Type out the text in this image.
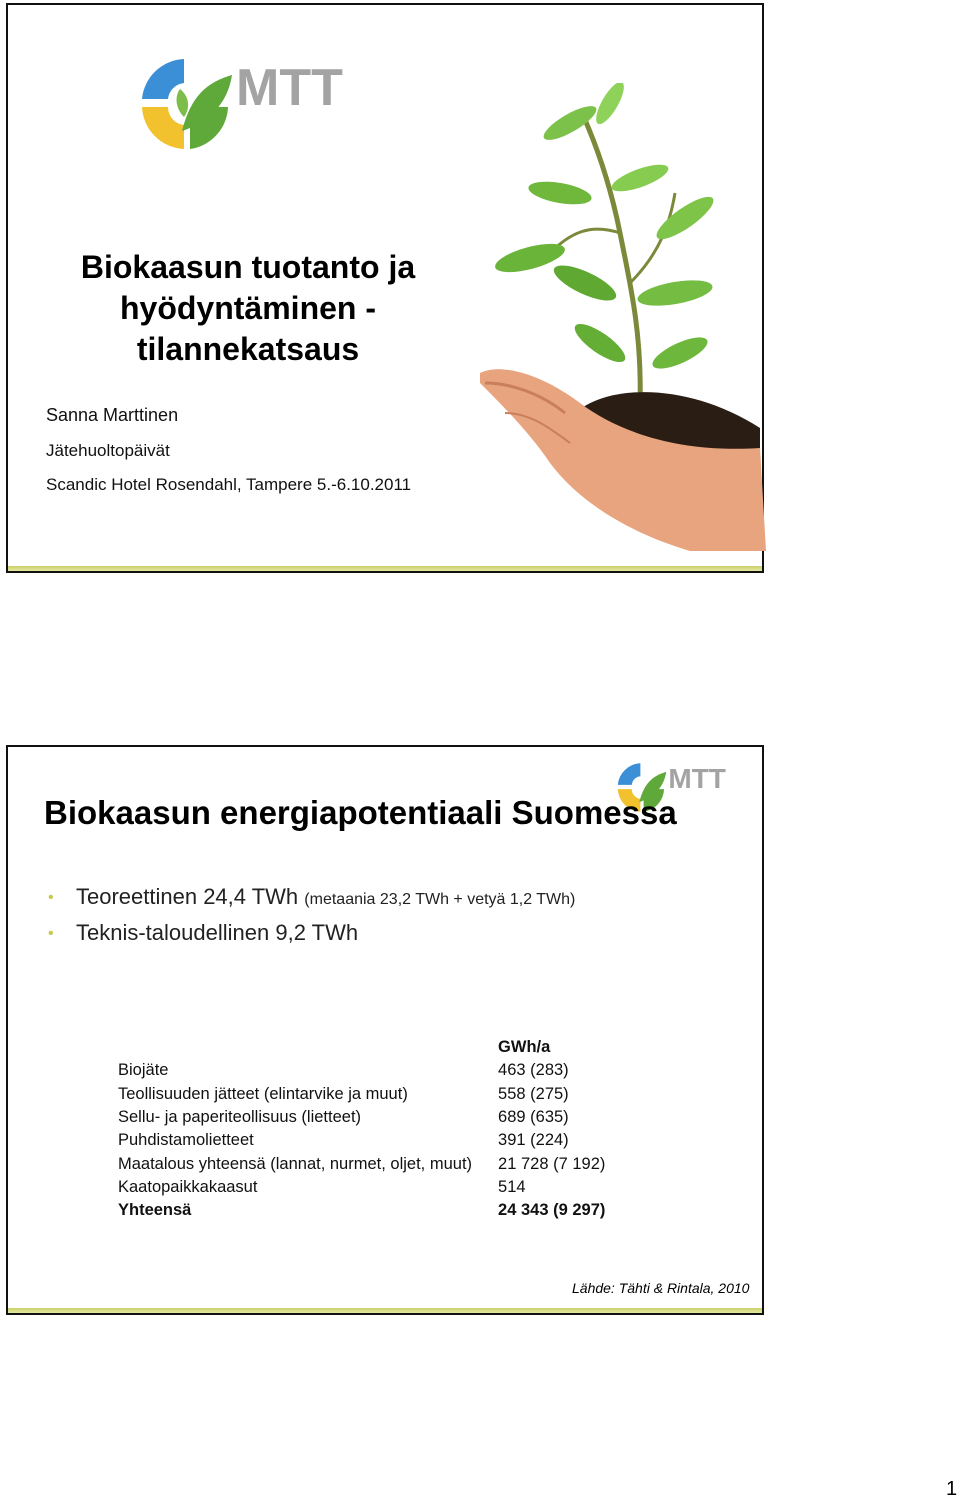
MTT
Biokaasun tuotanto ja
hyödyntäminen -
tilannekatsaus
Sanna Marttinen
Jätehuoltopäivät
Scandic Hotel Rosendahl, Tampere 5.-6.10.2011
MTT
Biokaasun energiapotentiaali Suomessa
• Teoreettinen 24,4 TWh (metaania 23,2 TWh + vetyä 1,2 TWh)
• Teknis-taloudellinen 9,2 TWh
	GWh/a
Biojäte	463 (283)
Teollisuuden jätteet (elintarvike ja muut)	558 (275)
Sellu- ja paperiteollisuus (lietteet)	689 (635)
Puhdistamolietteet	391 (224)
Maatalous yhteensä (lannat, nurmet, oljet, muut)	21 728 (7 192)
Kaatopaikkakaasut	514
Yhteensä	24 343 (9 297)
Lähde: Tähti & Rintala, 2010
1
